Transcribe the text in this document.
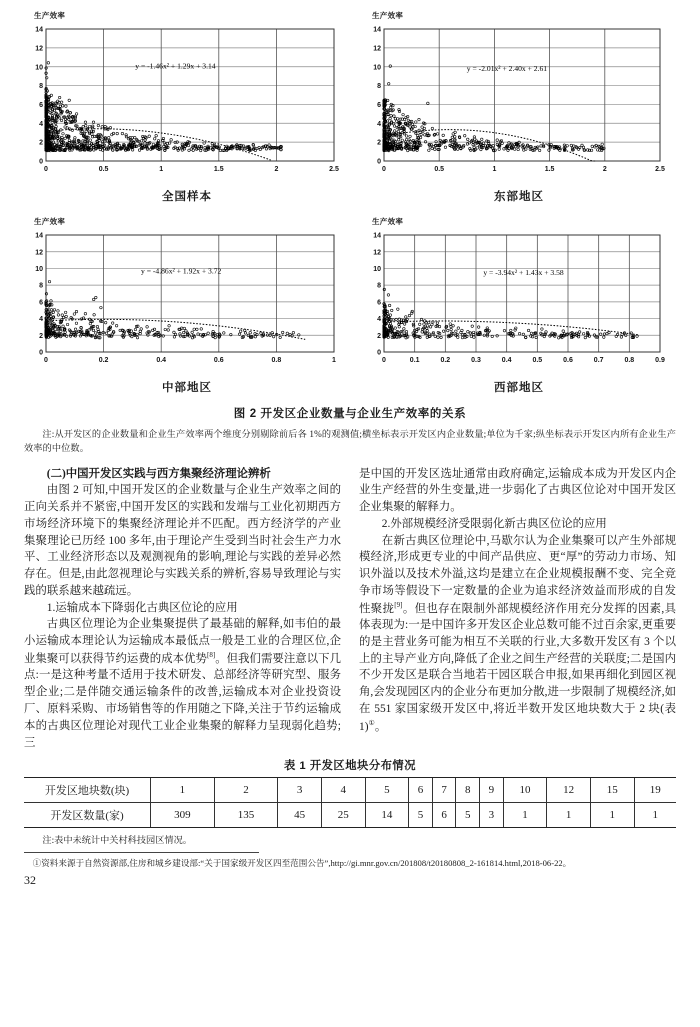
生产效率
0
2
4
6
8
10
12
14
0	0.5	1	1.5	2	2.5
y = -1.46x² + 1.29x + 3.14
全国样本
生产效率
0
2
4
6
8
10
12
14
0	0.5	1	1.5	2	2.5
y = -2.01x² + 2.40x + 2.61
东部地区
生产效率
0
2
4
6
8
10
12
14
0	0.2	0.4	0.6	0.8	1
y = -4.86x² + 1.92x + 3.72
中部地区
生产效率
0
2
4
6
8
10
12
14
0	0.1	0.2	0.3	0.4	0.5	0.6	0.7	0.8	0.9
y = -3.94x² + 1.43x + 3.58
西部地区
图 2 开发区企业数量与企业生产效率的关系
注:从开发区的企业数量和企业生产效率两个维度分别剔除前后各 1%的观测值;横坐标表示开发区内企业数量;单位为千家;纵坐标表示开发区内所有企业生产效率的中位数。

(二)中国开发区实践与西方集聚经济理论辨析

由图 2 可知,中国开发区的企业数量与企业生产效率之间的正向关系并不紧密,中国开发区的实践和发端与工业化初期西方市场经济环境下的集聚经济理论并不匹配。西方经济学的产业集聚理论已历经 100 多年,由于理论产生受到当时社会生产力水平、工业经济形态以及观测视角的影响,理论与实践的差异必然存在。但是,由此忽视理论与实践关系的辨析,容易导致理论与实践的联系越来越疏远。

1.运输成本下降弱化古典区位论的应用

古典区位理论为企业集聚提供了最基础的解释,如韦伯的最小运输成本理论认为运输成本最低点一般是工业的合理区位,企业集聚可以获得节约运费的成本优势[8]。但我们需要注意以下几点:一是这种考量不适用于技术研发、总部经济等研究型、服务型企业;二是伴随交通运输条件的改善,运输成本对企业投资设厂、原料采购、市场销售等的作用随之下降,关注于节约运输成本的古典区位理论对现代工业企业集聚的解释力呈现弱化趋势;三

是中国的开发区选址通常由政府确定,运输成本成为开发区内企业生产经营的外生变量,进一步弱化了古典区位论对中国开发区企业集聚的解释力。

2.外部规模经济受限弱化新古典区位论的应用

在新古典区位理论中,马歇尔认为企业集聚可以产生外部规模经济,形成更专业的中间产品供应、更“厚”的劳动力市场、知识外溢以及技术外溢,这均是建立在企业规模报酬不变、完全竞争市场等假设下一定数量的企业为追求经济效益而形成的自发性聚拢[9]。但也存在限制外部规模经济作用充分发挥的因素,具体表现为:一是中国许多开发区企业总数可能不过百余家,更重要的是主营业务可能为相互不关联的行业,大多数开发区有 3 个以上的主导产业方向,降低了企业之间生产经营的关联度;二是国内不少开发区是联合当地若干园区联合申报,如果再细化到园区视角,会发现园区内的企业分布更加分散,进一步限制了规模经济,如在 551 家国家级开发区中,将近半数开发区地块数大于 2 块(表 1)①。

表 1 开发区地块分布情况
开发区地块数(块)	1	2	3	4	5	6	7	8	9	10	12	15	19
开发区数量(家)	309	135	45	25	14	5	6	5	3	1	1	1	1

注:表中未统计中关村科技园区情况。

①资料来源于自然资源部,住房和城乡建设部:“关于国家级开发区四至范围公告”,http://gi.mnr.gov.cn/201808/t20180808_2-161814.html,2018-06-22。

32
